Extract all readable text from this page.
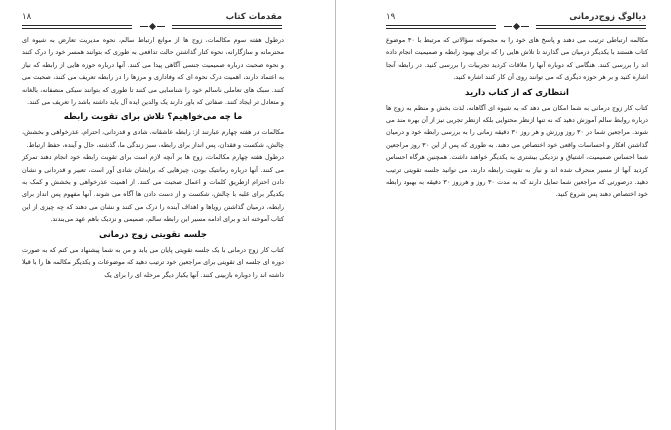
مقدمات کتاب
۱۸

درطول هفته سوم مکالمات، زوج ها از موانع ارتباط سالم، نحوه مدیریت تعارض به شیوه ای محترمانه و سازگارانه، نحوه کنار گذاشتن حالت تدافعی به طوری که بتوانند همسر خود را درک کنند و نحوه صحبت درباره صمیمیت جنسی آگاهی پیدا می کنند. آنها درباره حوزه هایی از رابطه که نیاز به اعتماد دارند، اهمیت درک نحوه ای که وفاداری و مرزها را در رابطه تعریف می کنند، صحبت می کنند. سبک های تعاملی ناسالم خود را شناسایی می کنند تا طوری که بتوانند سبکی منصفانه، بالغانه و متعادل تر ایجاد کنند. صفاتی که باور دارند یک والدین ایده آل باید داشته باشد را تعریف می کنند.

ما چه می‌خواهیم؟ تلاش برای تقویت رابطه

مکالمات در هفته چهارم عبارتند از: رابطه عاشقانه، شادی و قدردانی، احترام، عذرخواهی و بخشش، چالش، شکست و فقدان، پس انداز برای رابطه، سبز زندگی ما، گذشته، حال و آینده، حفظ ارتباط.

درطول هفته چهارم مکالمات، زوج ها بر آنچه لازم است برای تقویت رابطه خود انجام دهند تمرکز می کنند. آنها درباره رمانتیک بودن، چیزهایی که برایشان شادی آور است، تعبیر و قدردانی و نشان دادن احترام ازطریق کلمات و اعمال صحبت می کنند. از اهمیت عذرخواهی و بخشش و کمک به یکدیگر برای غلبه با چالش، شکست و از دست دادن ها آگاه می شوند. آنها مفهوم پس انداز برای رابطه، درمیان گذاشتن رویاها و اهداف آینده را درک می کنند و نشان می دهند که چه چیزی از این کتاب آموخته اند و برای ادامه مسیر این رابطه سالم، صمیمی و نزدیک باهم عهد می‌بندند.

جلسه تقویتی زوج درمانی

کتاب کار زوج درمانی با یک جلسه تقویتی پایان می یابد و من به شما پیشنهاد می کنم که به صورت دوره ای جلسه ای تقویتی برای مراجعین خود ترتیب دهید که موضوعات و یکدیگر مکالمه ها را با قبلا داشته اند را دوباره بازبینی کنند. آنها یکبار دیگر مرحله ای را برای یک

دیالوگ زوج‌درمانی
۱۹

مکالمه ارتباطی ترتیب می دهند و پاسخ های خود را به مجموعه سؤالاتی که مرتبط با ۳۰ موضوع کتاب هستند با یکدیگر درمیان می گذارند تا تلاش هایی را که برای بهبود رابطه و صمیمیت انجام داده اند را بررسی کنند. هنگامی که دوباره آنها را ملاقات کردید تجربیات را بررسی کنید. در رابطه آنجا اشاره کنید و بر هر حوزه دیگری که می توانند روی آن کار کنند اشاره کنید.

انتظاری که از کتاب دارید

کتاب کار زوج درمانی به شما امکان می دهد که به شیوه ای آگاهانه، لذت بخش و منظم به زوج ها درباره روابط سالم آموزش دهید که نه تنها ازنظر محتوایی بلکه ازنظر تجربی نیز از آن بهره مند می شوند. مراجعین شما در ۳۰ روز ورزش و هر روز ۳۰ دقیقه زمانی را به بررسی رابطه خود و درمیان گذاشتن افکار و احساسات واقعی خود اختصاص می دهند. به طوری که پس از این ۳۰ روز مراجعین شما احساس صمیمیت، اشتیاق و نزدیکی بیشتری به یکدیگر خواهند داشت. همچنین هرگاه احساس کردید آنها از مسیر منحرف شده اند و نیاز به تقویت رابطه دارند، می توانید جلسه تقویتی ترتیب دهید. درصورتی که مراجعین شما تمایل دارند که به مدت ۳۰ روز و هرروز ۳۰ دقیقه به بهبود رابطه خود اختصاص دهند پس شروع کنید.
